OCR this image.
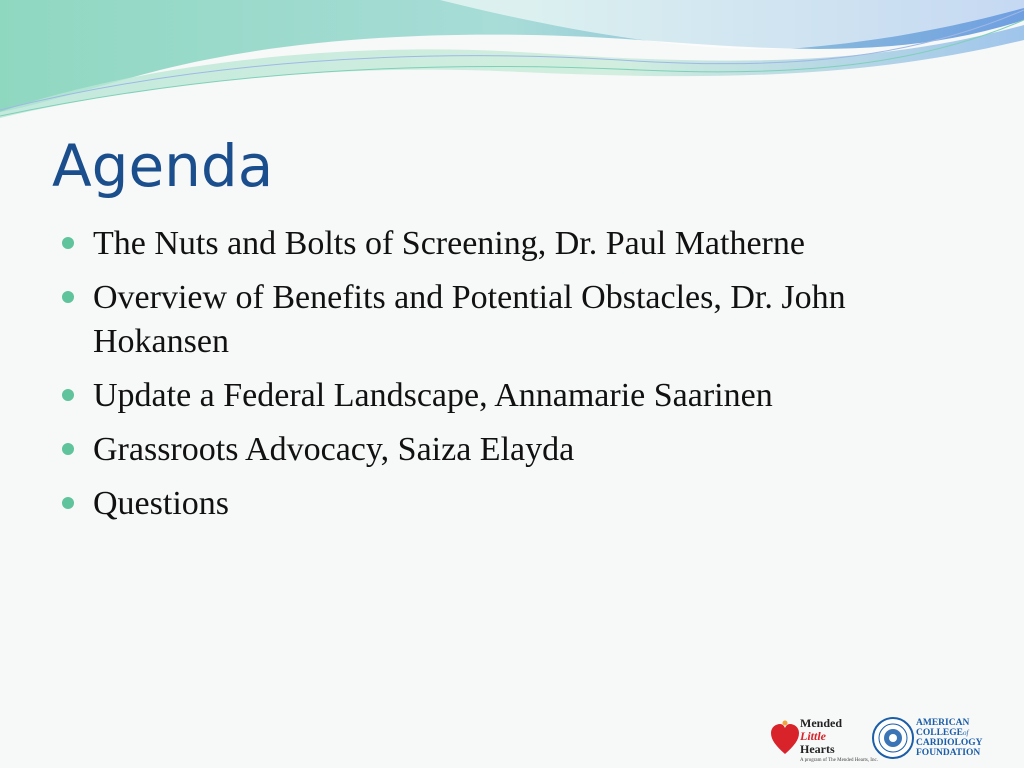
Agenda
The Nuts and Bolts of Screening, Dr. Paul Matherne
Overview of Benefits and Potential Obstacles, Dr. John Hokansen
Update a Federal Landscape, Annamarie Saarinen
Grassroots Advocacy, Saiza Elayda
Questions
Mended
Little
Hearts
A program of The Mended Hearts, Inc.
AMERICAN
COLLEGEof
CARDIOLOGY
FOUNDATION
